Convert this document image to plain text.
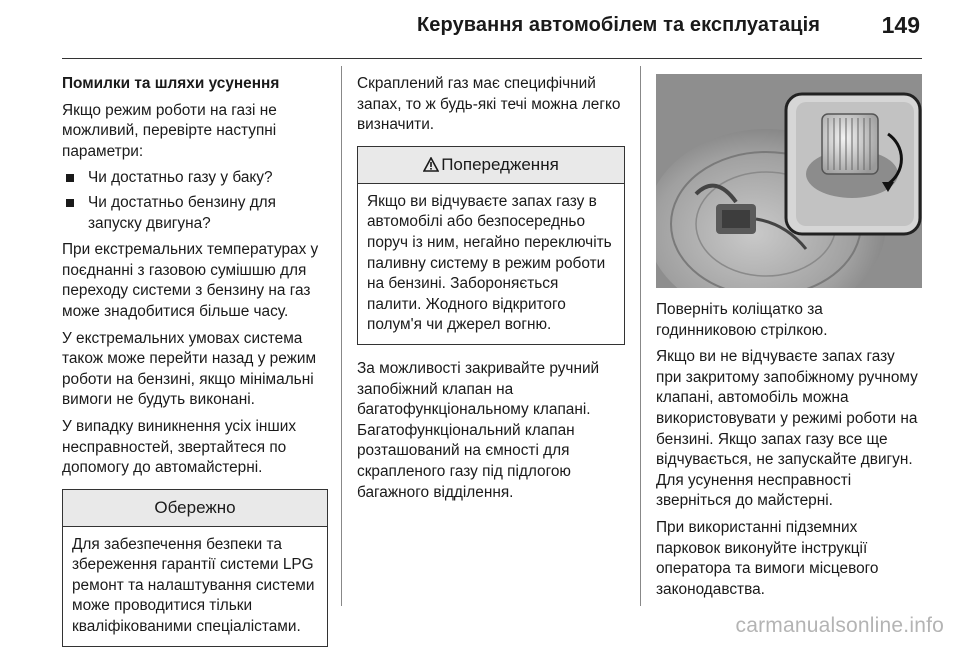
Керування автомобілем та експлуатація	149

Помилки та шляхи усунення

Якщо режим роботи на газі не можливий, перевірте наступні параметри:

Чи достатньо газу у баку?
Чи достатньо бензину для запуску двигуна?

При екстремальних температурах у поєднанні з газовою сумішшю для переходу системи з бензину на газ може знадобитися більше часу.

У екстремальних умовах система також може перейти назад у режим роботи на бензині, якщо мінімальні вимоги не будуть виконані.

У випадку виникнення усіх інших несправностей, звертайтеся по допомогу до автомайстерні.

Обережно
Для забезпечення безпеки та збереження гарантії системи LPG ремонт та налаштування системи може проводитися тільки кваліфікованими спеціалістами.

Скраплений газ має специфічний запах, то ж будь-які течі можна легко визначити.

Попередження
Якщо ви відчуваєте запах газу в автомобілі або безпосередньо поруч із ним, негайно переключіть паливну систему в режим роботи на бензині. Забороняється палити. Жодного відкритого полум'я чи джерел вогню.

За можливості закривайте ручний запобіжний клапан на багатофункціональному клапані. Багатофункціональний клапан розташований на ємності для скрапленого газу під підлогою багажного відділення.

Поверніть коліщатко за годинниковою стрілкою.

Якщо ви не відчуваєте запах газу при закритому запобіжному ручному клапані, автомобіль можна використовувати у режимі роботи на бензині. Якщо запах газу все ще відчувається, не запускайте двигун. Для усунення несправності зверніться до майстерні.

При використанні підземних парковок виконуйте інструкції оператора та вимоги місцевого законодавства.

carmanualsonline.info
